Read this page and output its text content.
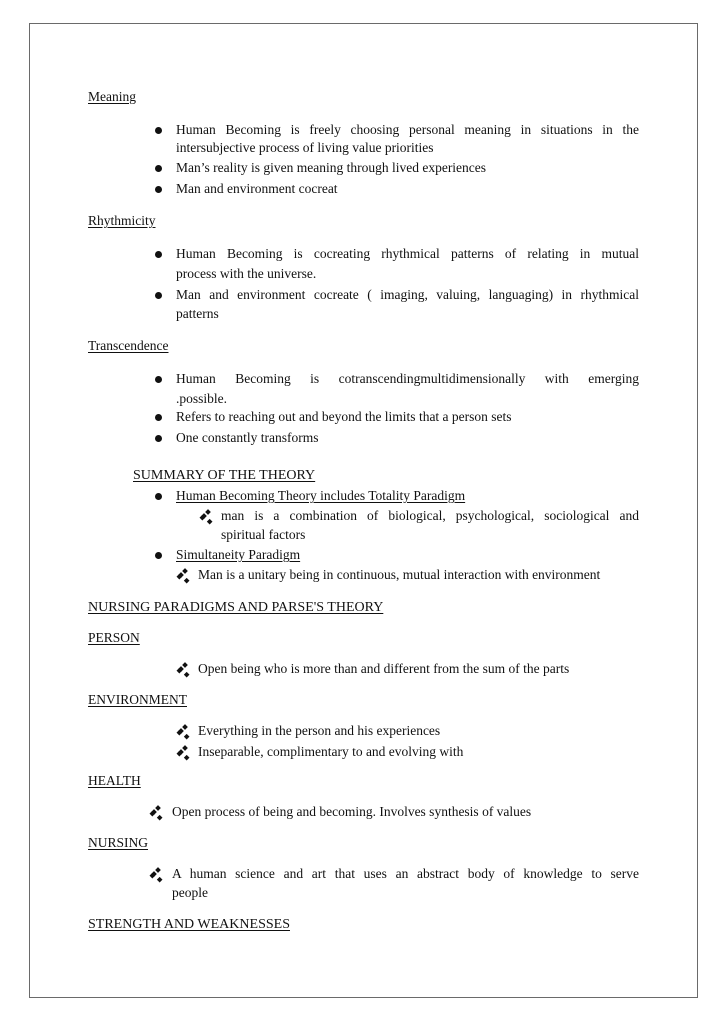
Meaning

Human Becoming is freely choosing personal meaning in situations in the

intersubjective process of living value priorities

Man’s reality is given meaning through lived experiences

Man and environment cocreat

Rhythmicity

Human Becoming is cocreating rhythmical patterns of relating in mutual

process with the universe.

Man and environment cocreate ( imaging, valuing, languaging) in rhythmical

patterns

Transcendence

Human Becoming is cotranscendingmultidimensionally with emerging

.possible.

Refers to reaching out and beyond the limits that a person sets

One constantly transforms

SUMMARY OF THE THEORY

Human Becoming Theory includes Totality Paradigm

man is a combination of biological, psychological, sociological and

spiritual factors

Simultaneity Paradigm

Man is a unitary being in continuous, mutual interaction with environment

NURSING PARADIGMS AND PARSE'S THEORY

PERSON

Open being who is more than and different from the sum of the parts

ENVIRONMENT

Everything in the person and his experiences

Inseparable, complimentary to and evolving with

HEALTH

Open process of being and becoming. Involves synthesis of values

NURSING

A human science and art that uses an abstract body of knowledge to serve

people

STRENGTH AND WEAKNESSES
